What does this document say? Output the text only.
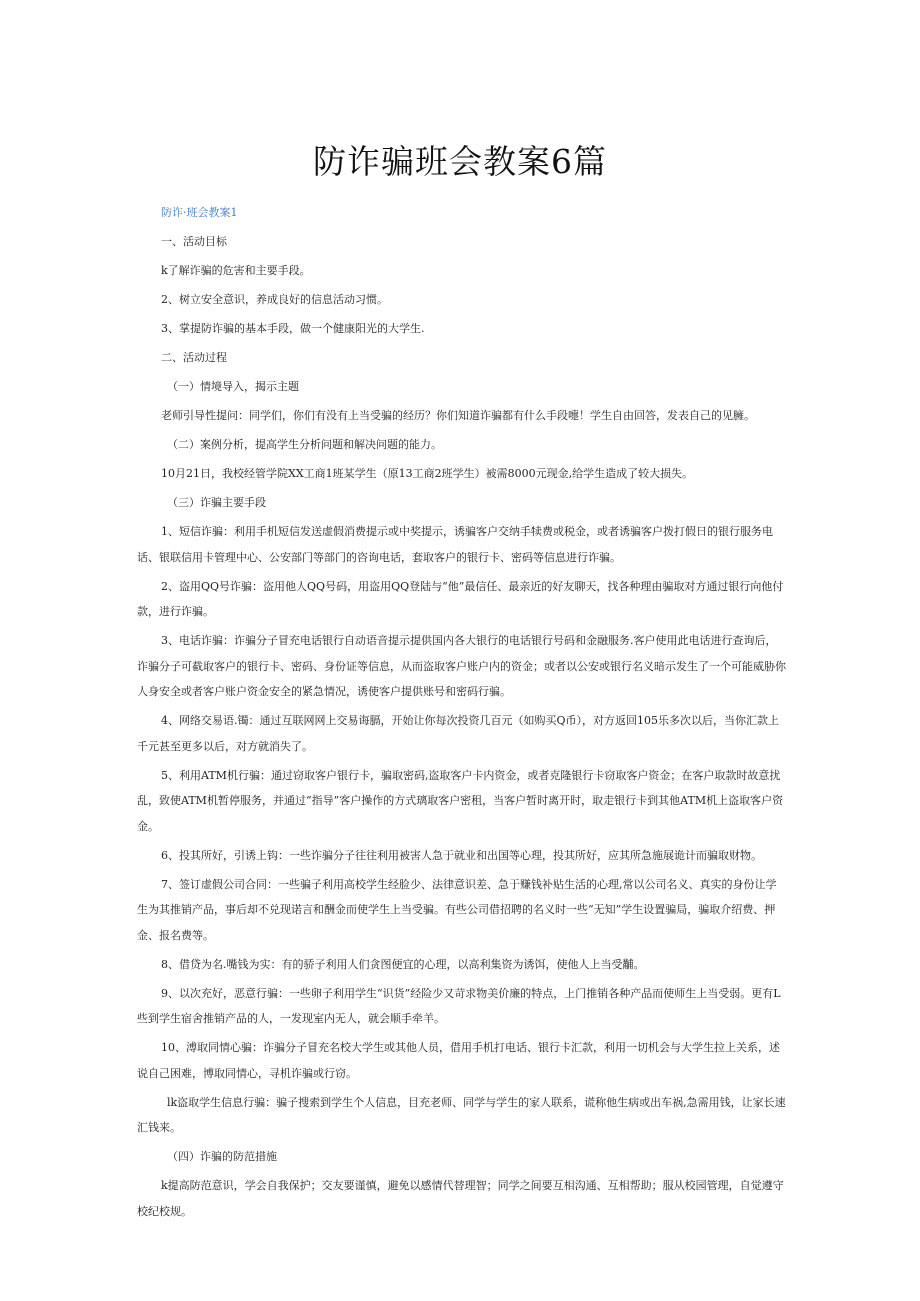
防诈骗班会教案6篇

防诈·班会教案1

一、活动目标

k了解诈骗的危害和主要手段。

2、树立安全意识，养成良好的信息活动习惯。

3、掌提防诈骗的基本手段，做一个健康阳光的大学生.

二、活动过程

（一）情境导入，揭示主题

老师引导性提问：同学们，你们有没有上当受骗的经历？你们知道诈骗都有什么手段嚏！学生自由回答，发表自己的见臃。

（二）案例分析，提高学生分析问题和解决问题的能力。

10月21日，我校经管学院XX工商1班某学生（原13工商2班学生）被需8000元现金,给学生造成了较大损失。

（三）诈骗主要手段

1、短信诈骗：利用手机短信发送虚假消费提示或中奖提示，诱骗客户交纳手犊费或税金，或者诱骗客户拨打假日的银行服务电话、银联信用卡管理中心、公安部门等部门的咨询电话，套取客户的银行卡、密码等信息进行诈骗。

2、盗用QQ号诈骗：盗用他人QQ号码，用盗用QQ登陆与“他”最信任、最亲近的好友聊天，找各种理由骗取对方通过银行向他付款，进行诈骗。

3、电话诈骗：诈骗分子冒充电话银行自动语音提示提供国内各大银行的电话银行号码和金融服务.客户使用此电话进行查询后，诈骗分子可截取客户的银行卡、密码、身份证等信息，从而盗取客户账户内的资金；或者以公安或银行名义暗示发生了一个可能威胁你人身安全或者客户账户资金安全的紧急情况，诱使客户提供账号和密码行骗。

4、网络交易语.镯：通过互联网网上交易诲膈，开始让你每次投资几百元（如购买Q币），对方返回105乐多次以后，当你汇款上千元甚至更多以后，对方就消失了。

5、利用ATM机行骗：通过窃取客户银行卡，骗取密码,盗取客户卡内资金，或者克隆银行卡窃取客户资金；在客户取款时故意扰乱，致使ATM机暂停服务，并通过“指导”客户操作的方式璃取客户密租，当客户暂时离开时，取走银行卡到其他ATM机上盗取客户资金。

6、投其所好，引诱上钩：一些诈骗分子往往利用被害人急于就业和出国等心理，投其所好，应其所急施展诡计而骗取财物。

7、签订虚假公司合同：一些骗子利用高校学生经脸少、法律意识差、急于赚钱补贴生活的心理,常以公司名义、真实的身份让学生为其推销产品，事后却不兑现诺言和酬金而使学生上当受骗。有些公司借招聘的名义时一些“无知”学生设置骗局，骗取介绍费、押金、报名费等。

8、借贷为名.嘴钱为实：有的骄子利用人们贪图便宜的心理，以高利集资为诱饵，使他人上当受黼。

9、以次充好，恶意行骗：一些卵子利用学生“识货”经险少又苛求物美价廉的特点，上门推销各种产品而使师生上当受弱。更有L些到学生宿舍推销产品的人，一发现室内无人，就会顺手牵羊。

10、溥取同情心骗：诈骗分子冒充名校大学生或其他人员，借用手机打电话、银行卡汇款，利用一切机会与大学生拉上关系，述说自己困难，博取同情心，寻机诈骗或行窃。

lk盗取学生信息行骗：骗子搜索到学生个人信息，目充老师、同学与学生的家人联系，谎称他生病或出车祸,急需用钱，让家长速汇钱来。

（四）诈骗的防范措施

k提高防范意识，学会自我保护；交友要谨慎，避免以感情代替理智；同学之间要互相沟通、互相帮助；服从校园管理，自觉遵守校纪校规。
